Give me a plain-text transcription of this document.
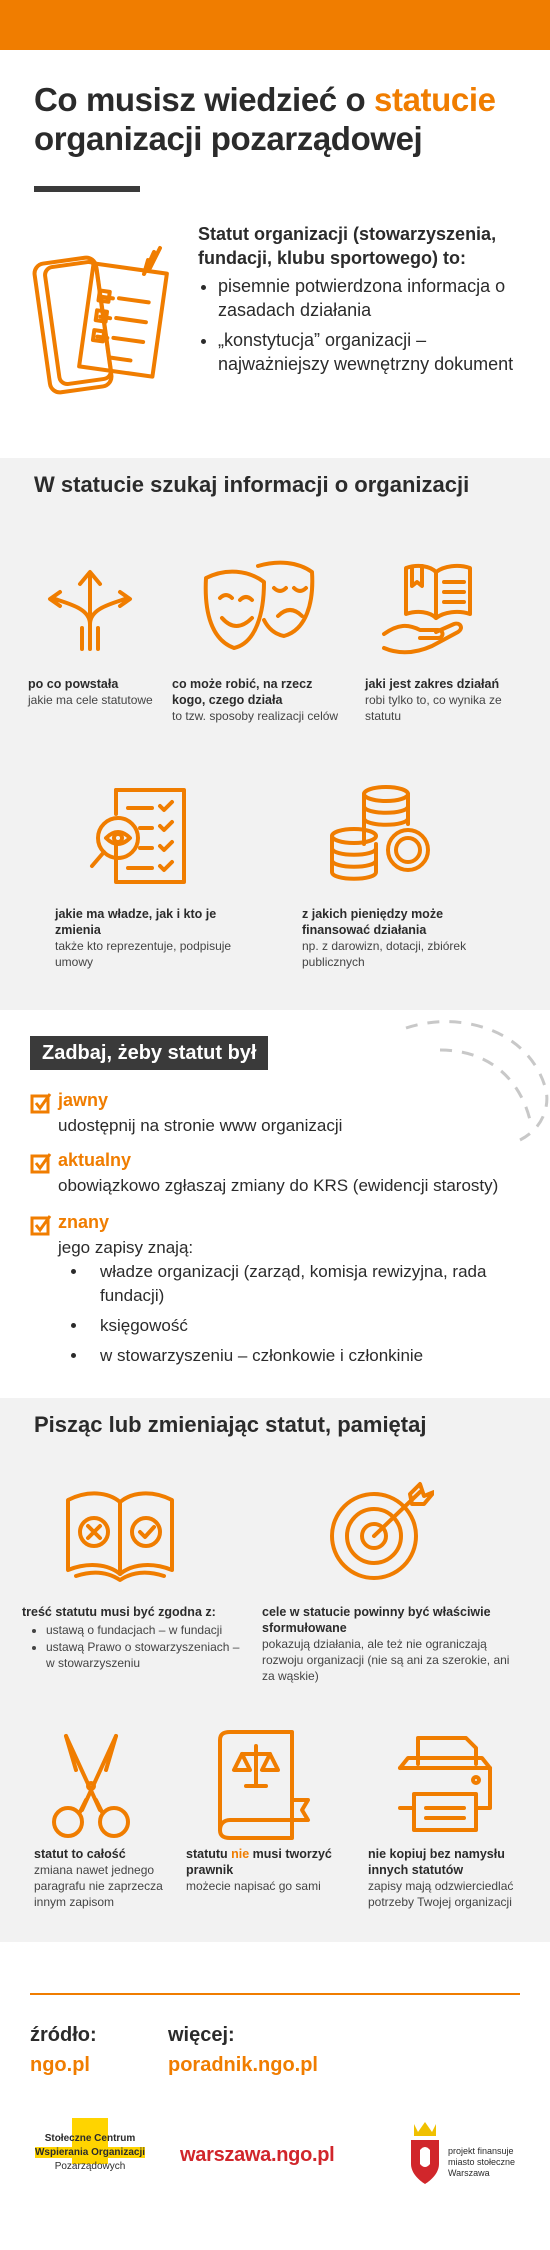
Co musisz wiedzieć o statucie
organizacji pozarządowej
Statut organizacji (stowarzyszenia, fundacji, klubu sportowego) to:
• pisemnie potwierdzona informacja o zasadach działania
• „konstytucja” organizacji – najważniejszy wewnętrzny dokument
W statucie szukaj informacji o organizacji
po co powstała
jakie ma cele statutowe
co może robić, na rzecz kogo, czego działa
to tzw. sposoby realizacji celów
jaki jest zakres działań
robi tylko to, co wynika ze statutu
jakie ma władze, jak i kto je zmienia
także kto reprezentuje, podpisuje umowy
z jakich pieniędzy może finansować działania
np. z darowizn, dotacji, zbiórek publicznych
Zadbaj, żeby statut był
jawny
udostępnij na stronie www organizacji
aktualny
obowiązkowo zgłaszaj zmiany do KRS (ewidencji starosty)
znany
jego zapisy znają:
• władze organizacji (zarząd, komisja rewizyjna, rada fundacji)
• księgowość
• w stowarzyszeniu – członkowie i członkinie
Pisząc lub zmieniając statut, pamiętaj
treść statutu musi być zgodna z:
• ustawą o fundacjach – w fundacji
• ustawą Prawo o stowarzyszeniach – w stowarzyszeniu
cele w statucie powinny być właściwie sformułowane
pokazują działania, ale też nie ograniczają rozwoju organizacji (nie są ani za szerokie, ani za wąskie)
statut to całość
zmiana nawet jednego paragrafu nie zaprzecza innym zapisom
statutu nie musi tworzyć prawnik
możecie napisać go sami
nie kopiuj bez namysłu innych statutów
zapisy mają odzwierciedlać potrzeby Twojej organizacji
źródło:
ngo.pl
więcej:
poradnik.ngo.pl
Stołeczne Centrum
Wspierania Organizacji
Pozarządowych
warszawa.ngo.pl	projekt finansuje miasto stołeczne Warszawa
